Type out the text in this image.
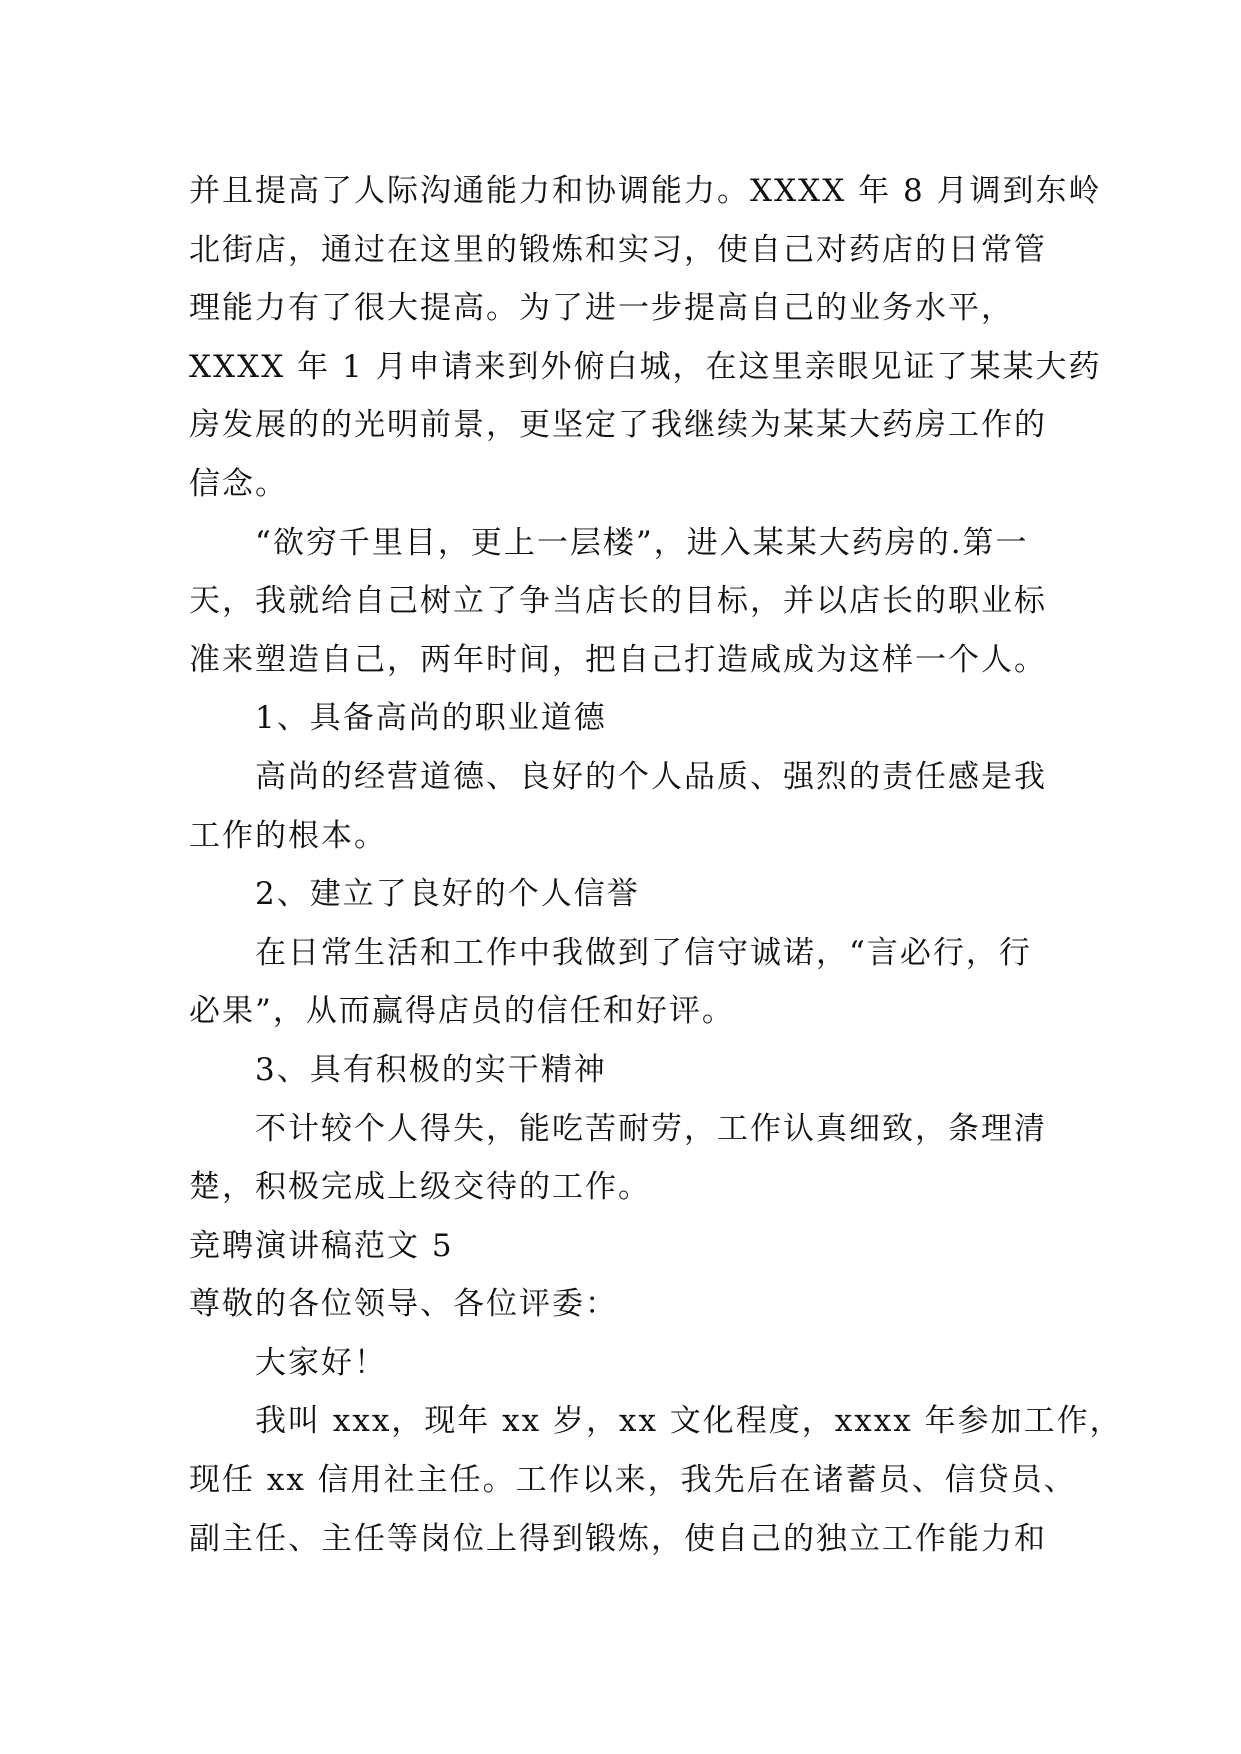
并且提高了人际沟通能力和协调能力。XXXX 年 8 月调到东岭
北街店，通过在这里的锻炼和实习，使自己对药店的日常管
理能力有了很大提高。为了进一步提高自己的业务水平，
XXXX 年 1 月申请来到外俯白城，在这里亲眼见证了某某大药
房发展的的光明前景，更坚定了我继续为某某大药房工作的
信念。
“欲穷千里目，更上一层楼”，进入某某大药房的.第一
天，我就给自己树立了争当店长的目标，并以店长的职业标
准来塑造自己，两年时间，把自己打造咸成为这样一个人。
1、具备高尚的职业道德
高尚的经营道德、良好的个人品质、强烈的责任感是我
工作的根本。
2、建立了良好的个人信誉
在日常生活和工作中我做到了信守诚诺，“言必行，行
必果”，从而赢得店员的信任和好评。
3、具有积极的实干精神
不计较个人得失，能吃苦耐劳，工作认真细致，条理清
楚，积极完成上级交待的工作。
竞聘演讲稿范文 5
尊敬的各位领导、各位评委：
大家好！
我叫 xxx，现年 xx 岁，xx 文化程度，xxxx 年参加工作，
现任 xx 信用社主任。工作以来，我先后在诸蓄员、信贷员、
副主任、主任等岗位上得到锻炼，使自己的独立工作能力和
